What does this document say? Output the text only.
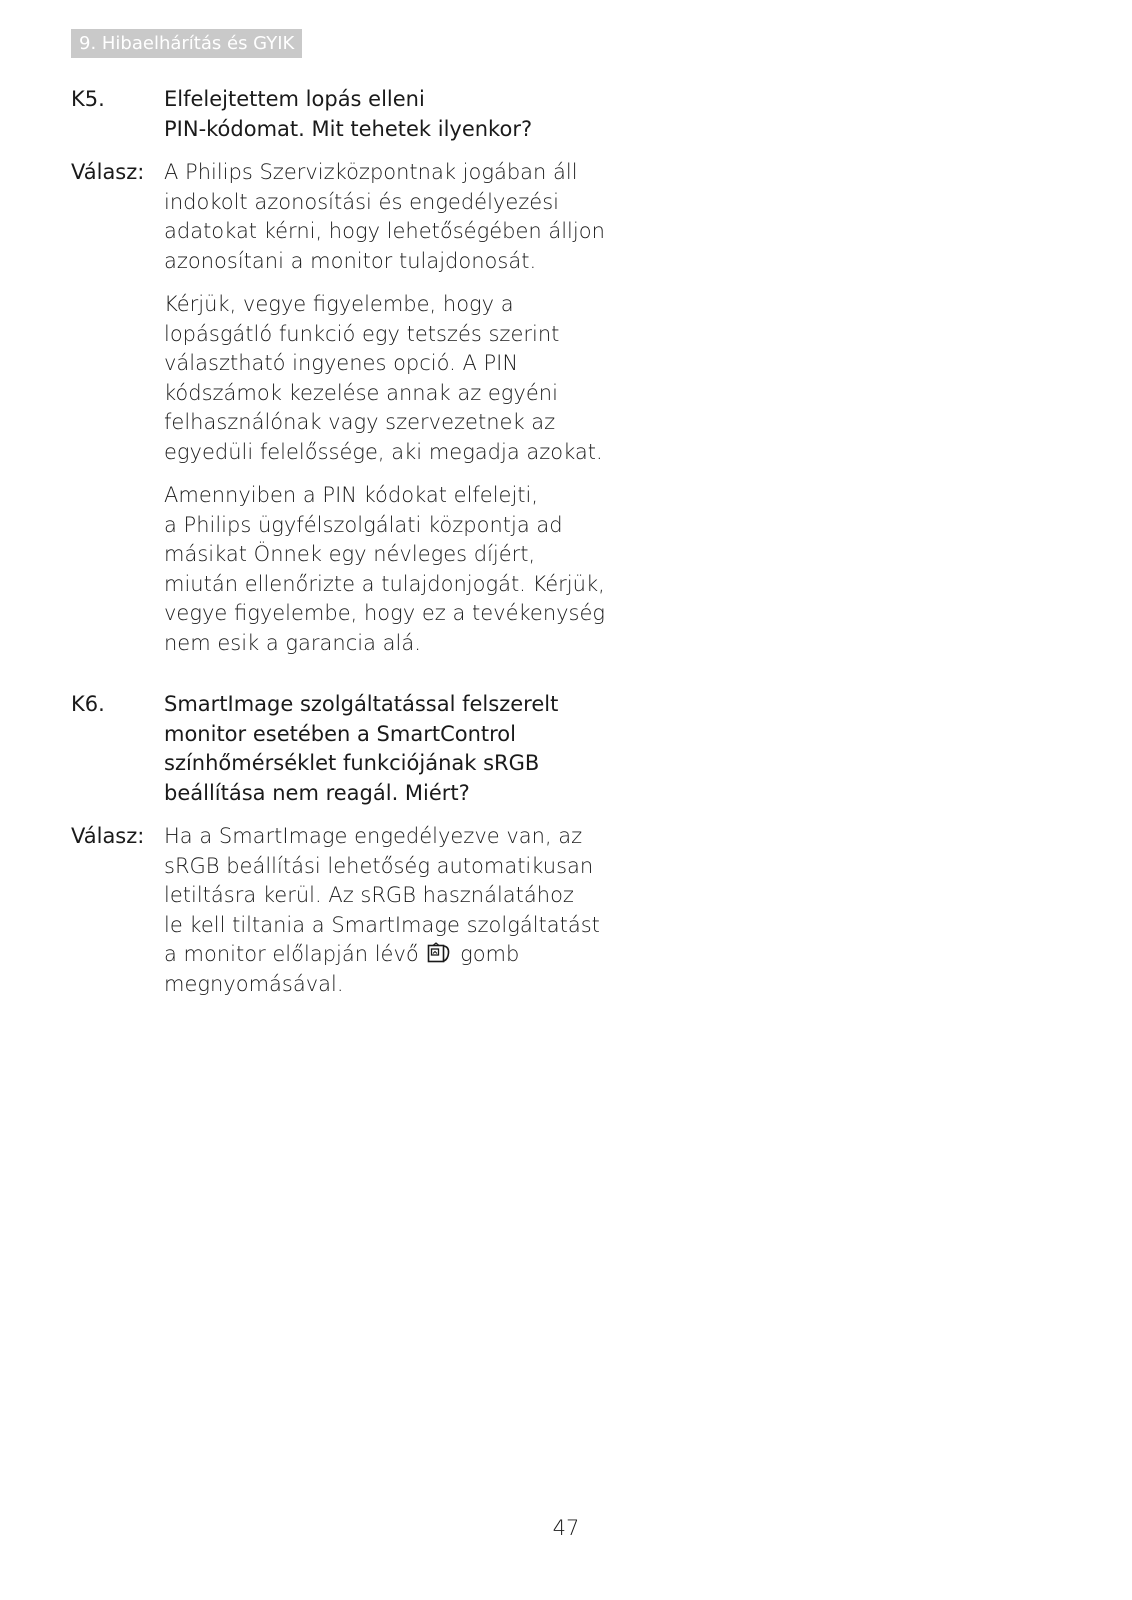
9. Hibaelhárítás és GYIK
K5.	Elfelejtettem lopás elleni
PIN-kódomat. Mit tehetek ilyenkor?
Válasz: A Philips Szervizközpontnak jogában áll
indokolt azonosítási és engedélyezési
adatokat kérni, hogy lehetőségében álljon
azonosítani a monitor tulajdonosát.

Kérjük, vegye figyelembe, hogy a
lopásgátló funkció egy tetszés szerint
választható ingyenes opció. A PIN
kódszámok kezelése annak az egyéni
felhasználónak vagy szervezetnek az
egyedüli felelőssége, aki megadja azokat.

Amennyiben a PIN kódokat elfelejti,
a Philips ügyfélszolgálati központja ad
másikat Önnek egy névleges díjért,
miután ellenőrizte a tulajdonjogát. Kérjük,
vegye figyelembe, hogy ez a tevékenység
nem esik a garancia alá.

K6.	SmartImage szolgáltatással felszerelt
monitor esetében a SmartControl
színhőmérséklet funkciójának sRGB
beállítása nem reagál. Miért?
Válasz: Ha a SmartImage engedélyezve van, az
sRGB beállítási lehetőség automatikusan
letiltásra kerül. Az sRGB használatához
le kell tiltania a SmartImage szolgáltatást
a monitor előlapján lévő  gomb
megnyomásával.
47
